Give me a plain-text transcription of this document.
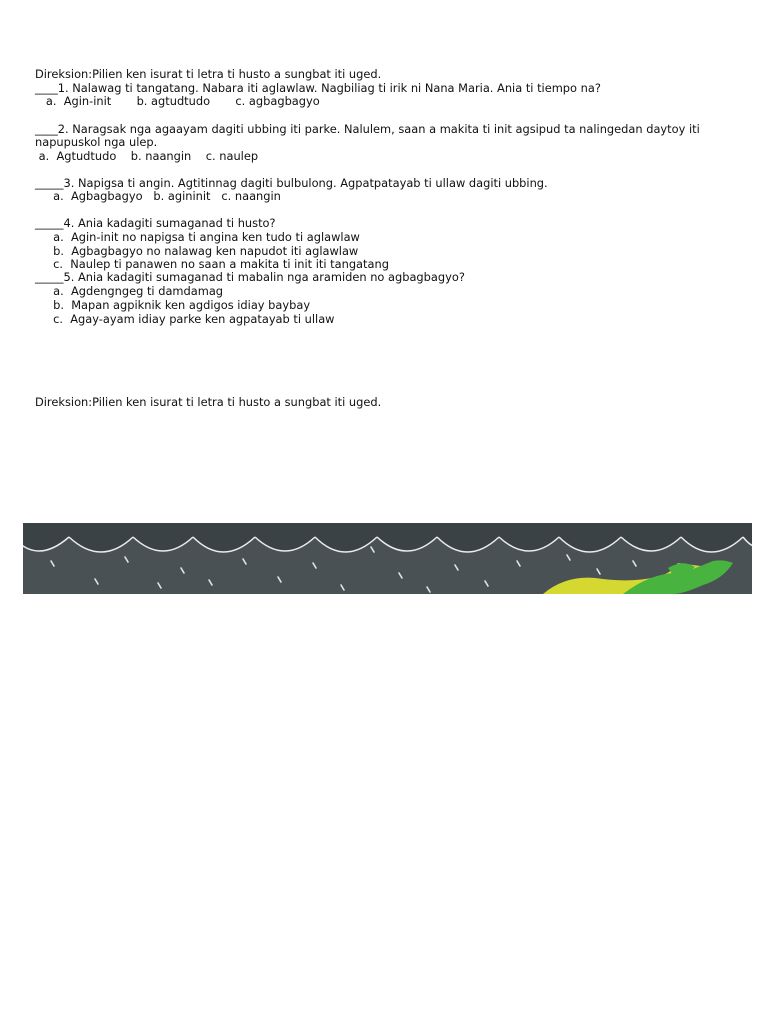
Direksion:Pilien ken isurat ti letra ti husto a sungbat iti uged.
____1. Nalawag ti tangatang. Nabara iti aglawlaw. Nagbiliag ti irik ni Nana Maria. Ania ti tiempo na?
a.  Agin-init       b. agtudtudo       c. agbagbagyo
____2. Naragsak nga agaayam dagiti ubbing iti parke. Nalulem, saan a makita ti init agsipud ta nalingedan daytoy iti
napupuskol nga ulep.
a.  Agtudtudo    b. naangin    c. naulep
_____3. Napigsa ti angin. Agtitinnag dagiti bulbulong. Agpatpatayab ti ullaw dagiti ubbing.
a.  Agbagbagyo   b. agininit   c. naangin
_____4. Ania kadagiti sumaganad ti husto?
a.  Agin-init no napigsa ti angina ken tudo ti aglawlaw
b.  Agbagbagyo no nalawag ken napudot iti aglawlaw
c.  Naulep ti panawen no saan a makita ti init iti tangatang
_____5. Ania kadagiti sumaganad ti mabalin nga aramiden no agbagbagyo?
a.  Agdengngeg ti damdamag
b.  Mapan agpiknik ken agdigos idiay baybay
c.  Agay-ayam idiay parke ken agpatayab ti ullaw
Direksion:Pilien ken isurat ti letra ti husto a sungbat iti uged.
